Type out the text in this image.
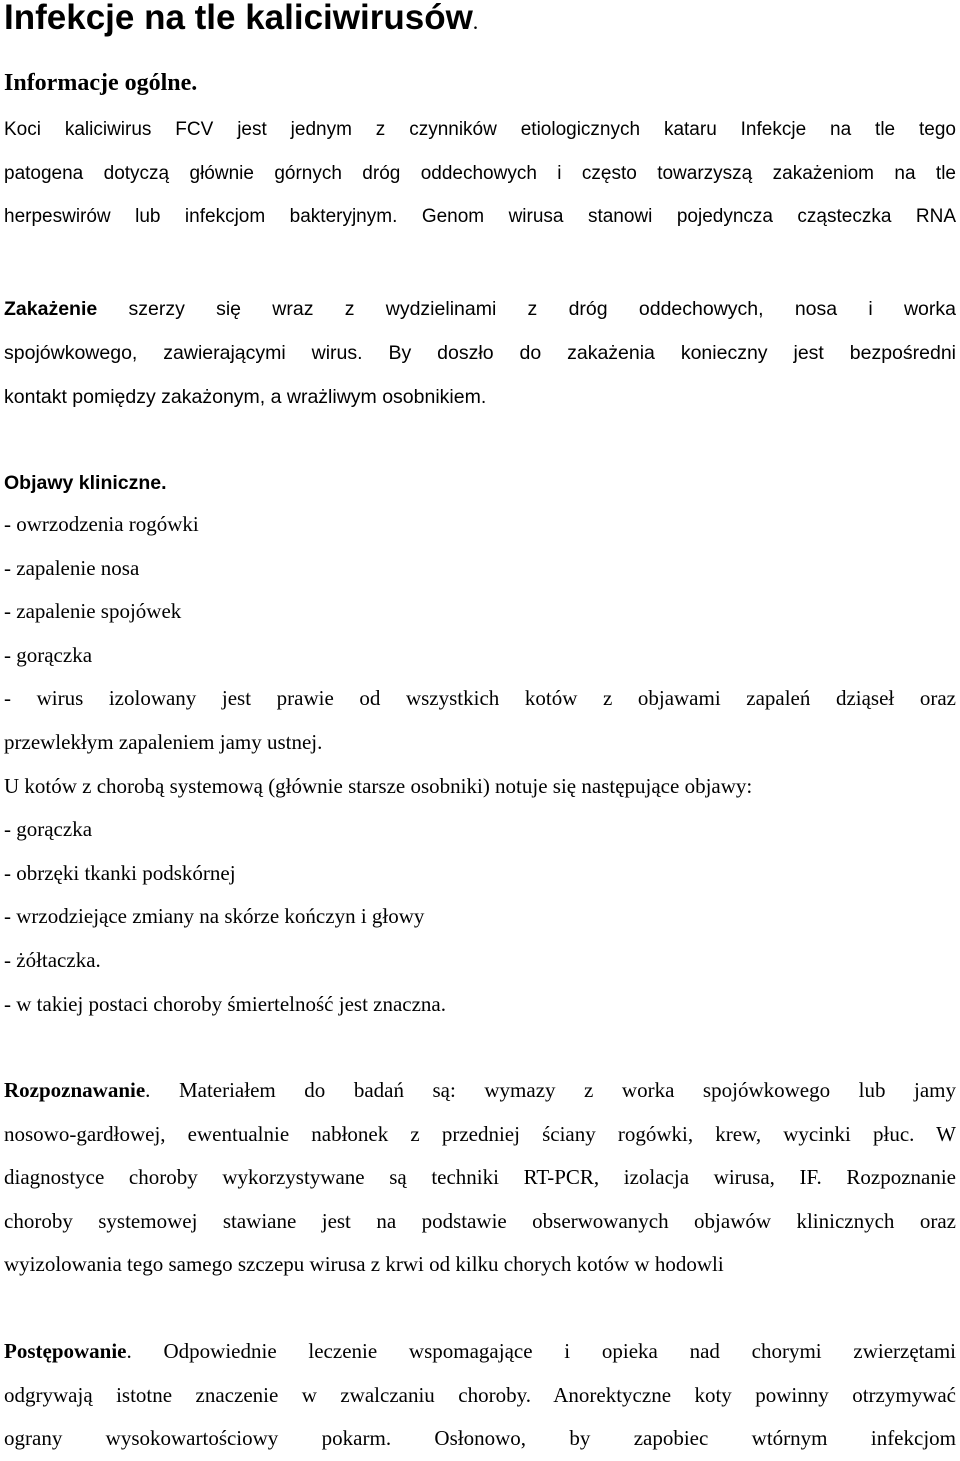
Infekcje na tle kaliciwirusów.
Informacje ogólne.
Koci kaliciwirus FCV jest jednym z czynników etiologicznych kataru Infekcje na tle tego
patogena dotyczą głównie górnych dróg oddechowych i często towarzyszą zakażeniom na tle
herpeswirów lub infekcjom bakteryjnym. Genom wirusa stanowi pojedyncza cząsteczka RNA
Zakażenie szerzy się wraz z wydzielinami z dróg oddechowych, nosa i worka
spojówkowego, zawierającymi wirus. By doszło do zakażenia konieczny jest bezpośredni
kontakt pomiędzy zakażonym, a wrażliwym osobnikiem.
Objawy kliniczne.
- owrzodzenia rogówki
- zapalenie nosa
- zapalenie spojówek
- gorączka
- wirus izolowany jest prawie od wszystkich kotów z objawami zapaleń dziąseł oraz
przewlekłym zapaleniem jamy ustnej.
U kotów z chorobą systemową (głównie starsze osobniki) notuje się następujące objawy:
- gorączka
- obrzęki tkanki podskórnej
- wrzodziejące zmiany na skórze kończyn i głowy
- żółtaczka.
- w takiej postaci choroby śmiertelność jest znaczna.
Rozpoznawanie. Materiałem do badań są: wymazy z worka spojówkowego lub jamy
nosowo-gardłowej, ewentualnie nabłonek z przedniej ściany rogówki, krew, wycinki płuc. W
diagnostyce choroby wykorzystywane są techniki RT-PCR, izolacja wirusa, IF. Rozpoznanie
choroby systemowej stawiane jest na podstawie obserwowanych objawów klinicznych oraz
wyizolowania tego samego szczepu wirusa z krwi od kilku chorych kotów w hodowli
Postępowanie. Odpowiednie leczenie wspomagające i opieka nad chorymi zwierzętami
odgrywają istotne znaczenie w zwalczaniu choroby. Anorektyczne koty powinny otrzymywać
ograny wysokowartościowy pokarm. Osłonowo, by zapobiec wtórnym infekcjom
